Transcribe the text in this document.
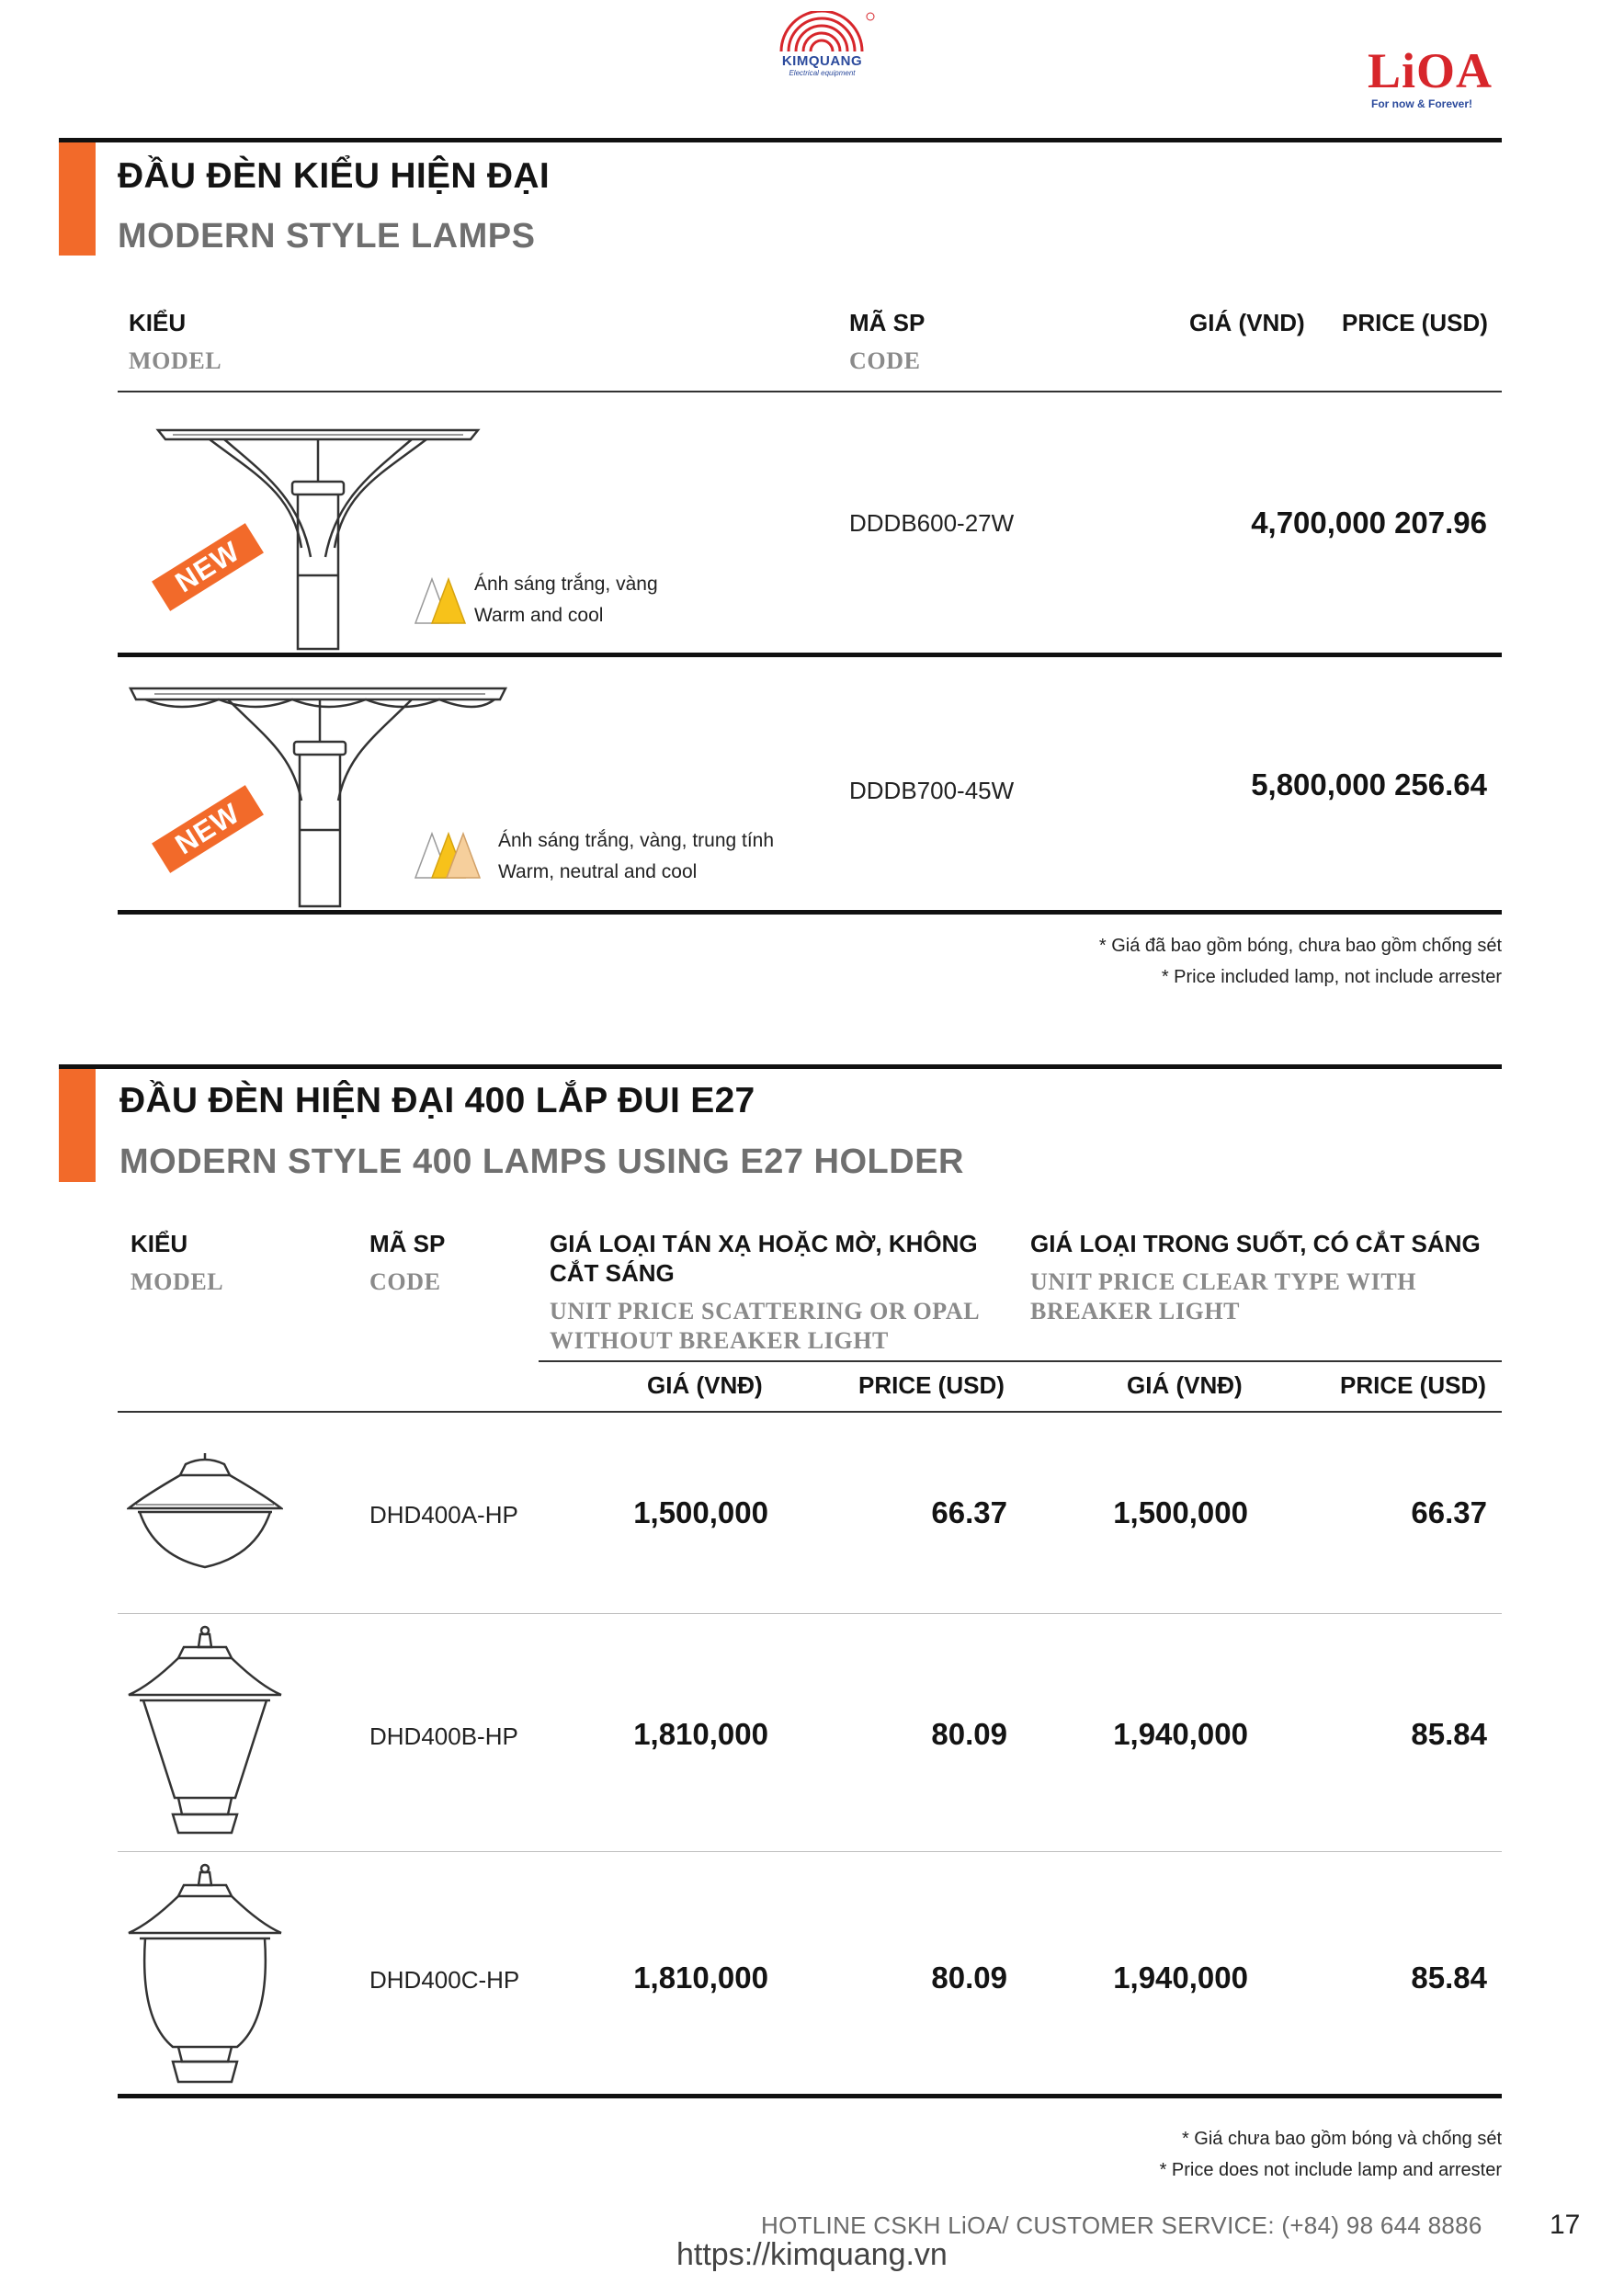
KIMQUANG
Electrical equipment	LiOA
For now & Forever!
ĐẦU ĐÈN KIỂU HIỆN ĐẠI
MODERN STYLE LAMPS
KIỂU
MODEL
MÃ SP
CODE
GIÁ (VND) PRICE (USD)
NEW	Ánh sáng trắng, vàng
Warm and cool
DDDB600-27W	4,700,000 207.96
NEW	Ánh sáng trắng, vàng, trung tính
Warm, neutral and cool
DDDB700-45W	5,800,000 256.64
* Giá đã bao gồm bóng, chưa bao gồm chống sét
* Price included lamp, not include arrester
ĐẦU ĐÈN HIỆN ĐẠI 400 LẮP ĐUI E27
MODERN STYLE 400 LAMPS USING E27 HOLDER
KIỂU
MODEL
MÃ SP
CODE
GIÁ LOẠI TÁN XẠ HOẶC MỜ, KHÔNG
CẮT SÁNG
UNIT PRICE SCATTERING OR OPAL
WITHOUT BREAKER LIGHT
GIÁ LOẠI TRONG SUỐT, CÓ CẮT SÁNG
UNIT PRICE CLEAR TYPE WITH
BREAKER LIGHT
GIÁ (VNĐ)	PRICE (USD)	GIÁ (VNĐ)	PRICE (USD)
DHD400A-HP	1,500,000	66.37	1,500,000	66.37
DHD400B-HP	1,810,000	80.09	1,940,000	85.84
DHD400C-HP	1,810,000	80.09	1,940,000	85.84
* Giá chưa bao gồm bóng và chống sét
* Price does not include lamp and arrester
HOTLINE CSKH LiOA/ CUSTOMER SERVICE: (+84) 98 644 8886
https://kimquang.vn
17
